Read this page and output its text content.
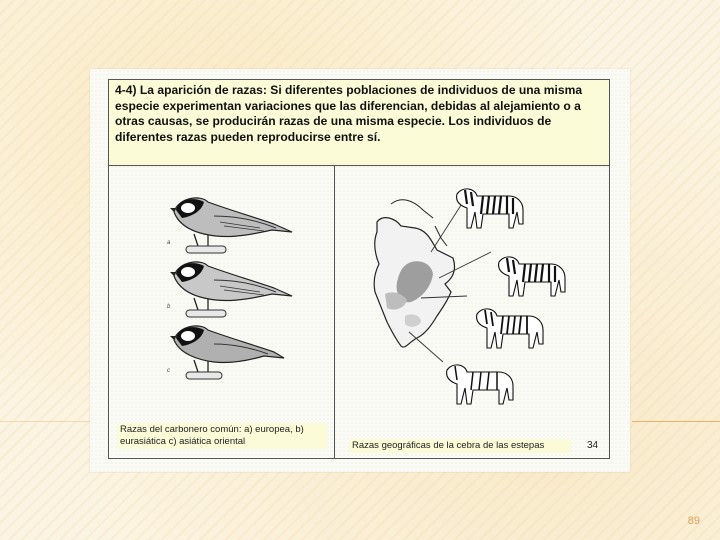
4-4) La aparición de razas: Si diferentes poblaciones de individuos de una misma especie experimentan variaciones que las diferencian, debidas al alejamiento o a otras causas, se producirán razas de una misma especie. Los individuos de diferentes razas pueden reproducirse entre sí.
a
b
c
Razas del carbonero común: a) europea, b) eurasiática c) asiática oriental	Razas geográficas de la cebra de las estepas	34
89
